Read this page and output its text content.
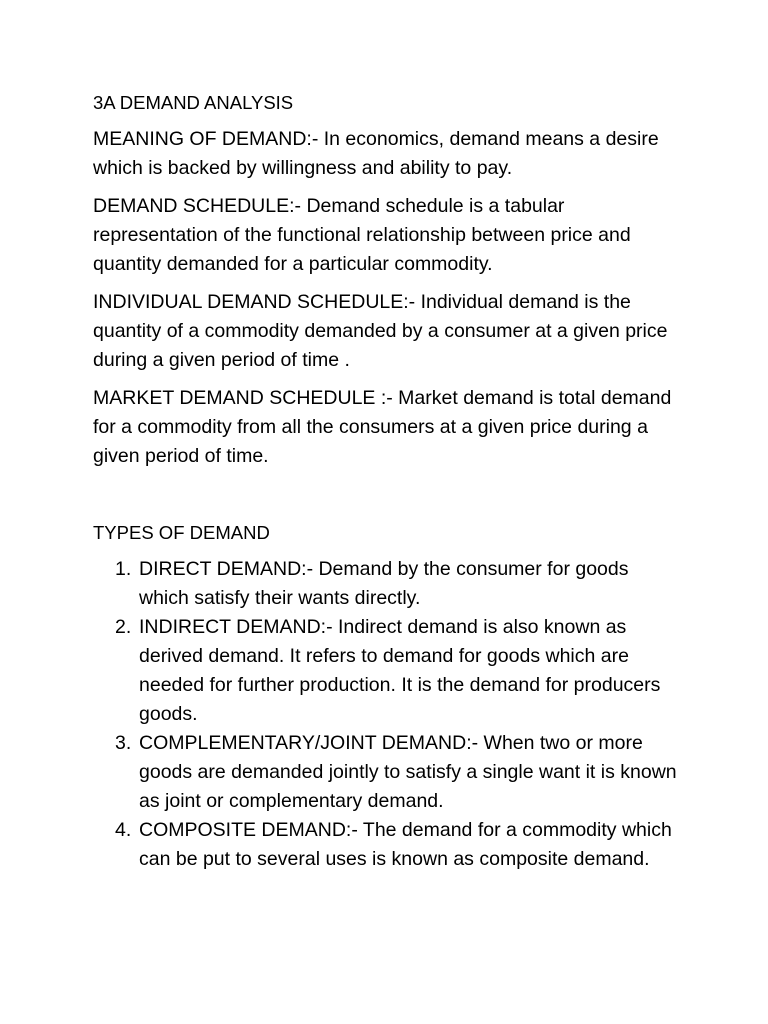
3A DEMAND ANALYSIS

MEANING OF DEMAND:- In economics, demand means a desire which is backed by willingness and ability to pay.

DEMAND SCHEDULE:- Demand schedule is a tabular representation of the functional relationship between price and quantity demanded for a particular commodity.

INDIVIDUAL DEMAND SCHEDULE:- Individual demand is the quantity of a commodity demanded by a consumer at a given price during a given period of time .

MARKET DEMAND SCHEDULE :- Market demand is total demand for a commodity from all the consumers at a given price during a given period of time.

TYPES OF DEMAND
1. DIRECT DEMAND:- Demand by the consumer for goods which satisfy their wants directly.
2. INDIRECT DEMAND:- Indirect demand is also known as derived demand. It refers to demand for goods which are needed for further production. It is the demand for producers goods.
3. COMPLEMENTARY/JOINT DEMAND:- When two or more goods are demanded jointly to satisfy a single want it is known as joint or complementary demand.
4. COMPOSITE DEMAND:- The demand for a commodity which can be put to several uses is known as composite demand.
